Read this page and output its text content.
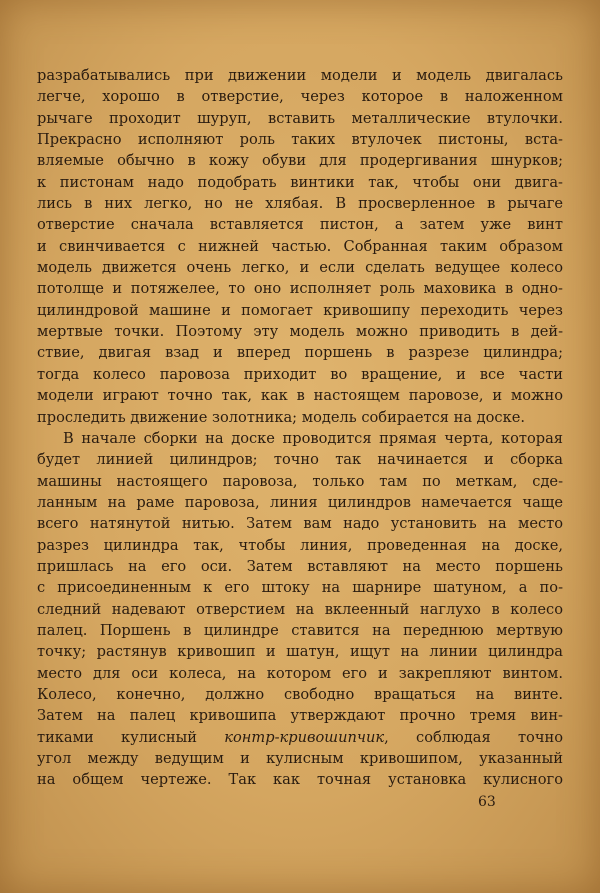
разрабатывались при движении модели и модель двигалась
легче, хорошо в отверстие, через которое в наложенном
рычаге проходит шуруп, вставить металлические втулочки.
Прекрасно исполняют роль таких втулочек пистоны, вста-
вляемые обычно в кожу обуви для продергивания шнурков;
к пистонам надо подобрать винтики так, чтобы они двига-
лись в них легко, но не хлябая. В просверленное в рычаге
отверстие сначала вставляется пистон, а затем уже винт
и свинчивается с нижней частью. Собранная таким образом
модель движется очень легко, и если сделать ведущее колесо
потолще и потяжелее, то оно исполняет роль маховика в одно-
цилиндровой машине и помогает кривошипу переходить через
мертвые точки. Поэтому эту модель можно приводить в дей-
ствие, двигая взад и вперед поршень в разрезе цилиндра;
тогда колесо паровоза приходит во вращение, и все части
модели играют точно так, как в настоящем паровозе, и можно
проследить движение золотника; модель собирается на доске.
В начале сборки на доске проводится прямая черта, которая
будет линией цилиндров; точно так начинается и сборка
машины настоящего паровоза, только там по меткам, сде-
ланным на раме паровоза, линия цилиндров намечается чаще
всего натянутой нитью. Затем вам надо установить на место
разрез цилиндра так, чтобы линия, проведенная на доске,
пришлась на его оси. Затем вставляют на место поршень
с присоединенным к его штоку на шарнире шатуном, а по-
следний надевают отверстием на вклеенный наглухо в колесо
палец. Поршень в цилиндре ставится на переднюю мертвую
точку; растянув кривошип и шатун, ищут на линии цилиндра
место для оси колеса, на котором его и закрепляют винтом.
Колесо, конечно, должно свободно вращаться на винте.
Затем на палец кривошипа утверждают прочно тремя вин-
тиками кулисный контр-кривошипчик, соблюдая точно
угол между ведущим и кулисным кривошипом, указанный
на общем чертеже. Так как точная установка кулисного
63
